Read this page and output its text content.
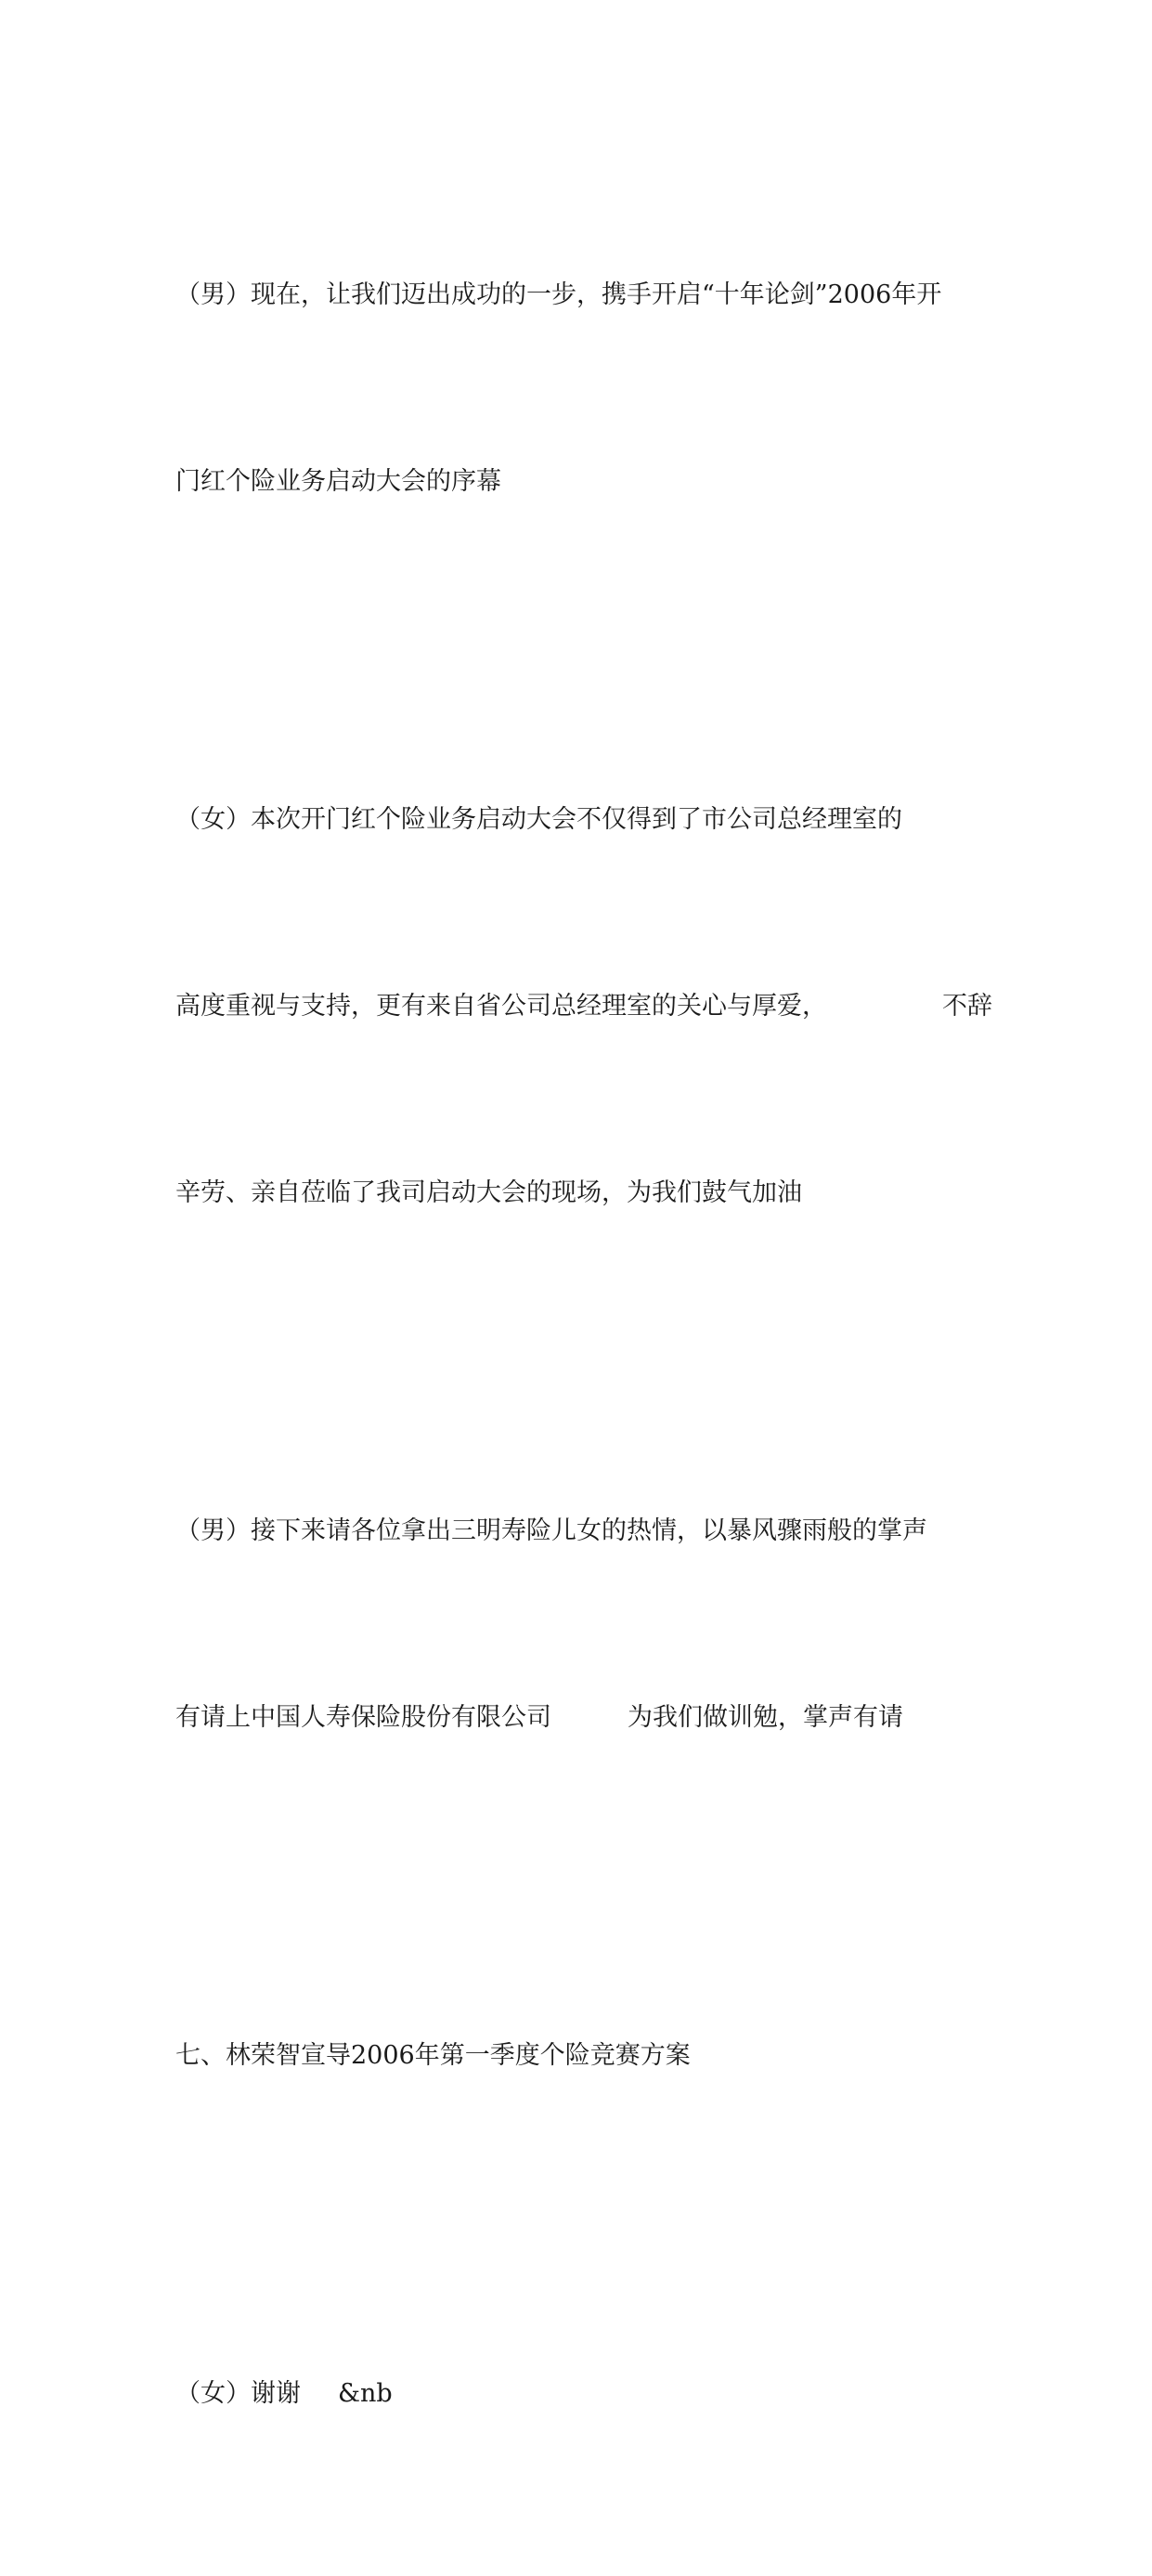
（男）现在，让我们迈出成功的一步，携手开启“十年论剑”2006年开

门红个险业务启动大会的序幕

（女）本次开门红个险业务启动大会不仅得到了市公司总经理室的

高度重视与支持，更有来自省公司总经理室的关心与厚爱，	不辞

辛劳、亲自莅临了我司启动大会的现场，为我们鼓气加油

（男）接下来请各位拿出三明寿险儿女的热情，以暴风骤雨般的掌声

有请上中国人寿保险股份有限公司	为我们做训勉，掌声有请

七、林荣智宣导2006年第一季度个险竞赛方案

（女）谢谢 &nb
